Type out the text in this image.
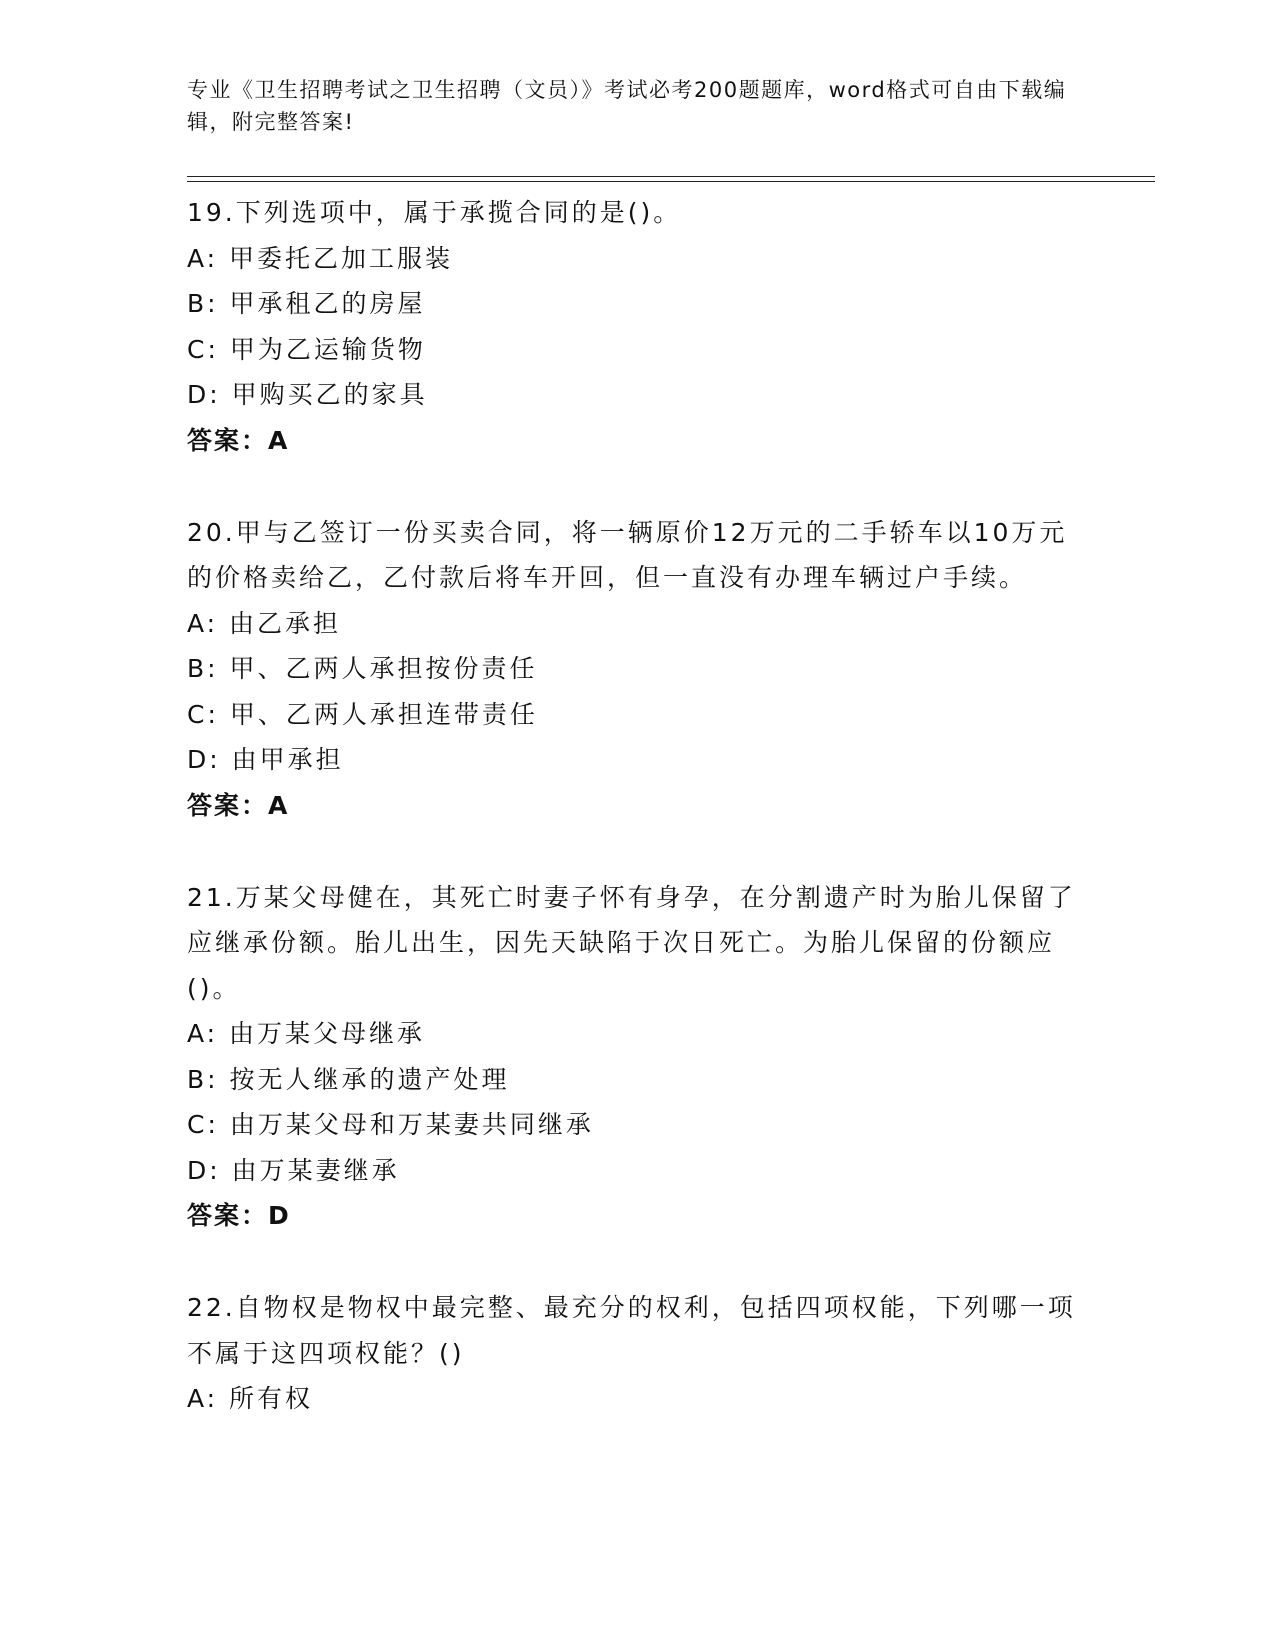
专业《卫生招聘考试之卫生招聘（文员）》考试必考200题题库，word格式可自由下载编辑，附完整答案!
19.下列选项中，属于承揽合同的是()。
A: 甲委托乙加工服装
B: 甲承租乙的房屋
C: 甲为乙运输货物
D: 甲购买乙的家具
答案：A
20.甲与乙签订一份买卖合同，将一辆原价12万元的二手轿车以10万元的价格卖给乙，乙付款后将车开回，但一直没有办理车辆过户手续。
A: 由乙承担
B: 甲、乙两人承担按份责任
C: 甲、乙两人承担连带责任
D: 由甲承担
答案：A
21.万某父母健在，其死亡时妻子怀有身孕，在分割遗产时为胎儿保留了应继承份额。胎儿出生，因先天缺陷于次日死亡。为胎儿保留的份额应()。
A: 由万某父母继承
B: 按无人继承的遗产处理
C: 由万某父母和万某妻共同继承
D: 由万某妻继承
答案：D
22.自物权是物权中最完整、最充分的权利，包括四项权能，下列哪一项不属于这四项权能？()
A: 所有权
